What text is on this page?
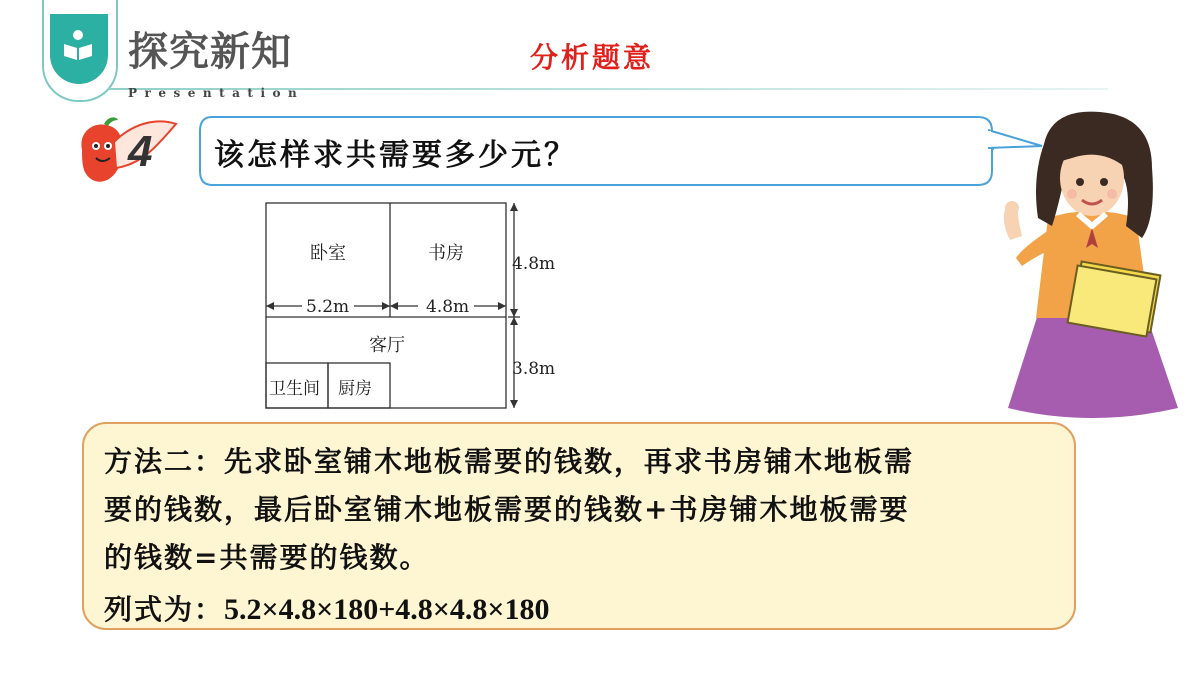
探究新知
Presentation
分析题意
4 该怎样求共需要多少元？
卧室	书房
客厅
卫生间 厨房
5.2m	4.8m
4.8m
3.8m
方法二：先求卧室铺木地板需要的钱数，再求书房铺木地板需
要的钱数，最后卧室铺木地板需要的钱数+书房铺木地板需要
的钱数=共需要的钱数。
列式为：5.2×4.8×180+4.8×4.8×180
